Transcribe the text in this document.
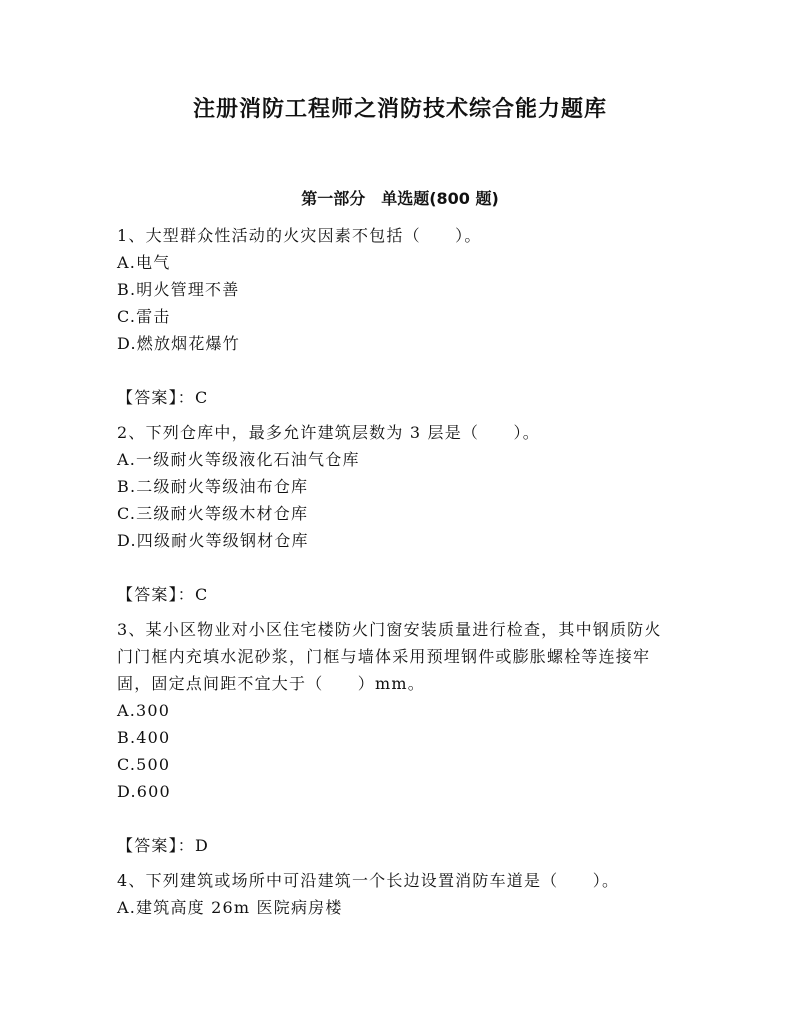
注册消防工程师之消防技术综合能力题库
第一部分　单选题(800 题)
1、大型群众性活动的火灾因素不包括（　　）。
A.电气
B.明火管理不善
C.雷击
D.燃放烟花爆竹
【答案】：C
2、下列仓库中，最多允许建筑层数为 3 层是（　　）。
A.一级耐火等级液化石油气仓库
B.二级耐火等级油布仓库
C.三级耐火等级木材仓库
D.四级耐火等级钢材仓库
【答案】：C
3、某小区物业对小区住宅楼防火门窗安装质量进行检查，其中钢质防火门门框内充填水泥砂浆，门框与墙体采用预埋钢件或膨胀螺栓等连接牢固，固定点间距不宜大于（　　）mm。
A.300
B.400
C.500
D.600
【答案】：D
4、下列建筑或场所中可沿建筑一个长边设置消防车道是（　　）。
A.建筑高度 26m 医院病房楼
